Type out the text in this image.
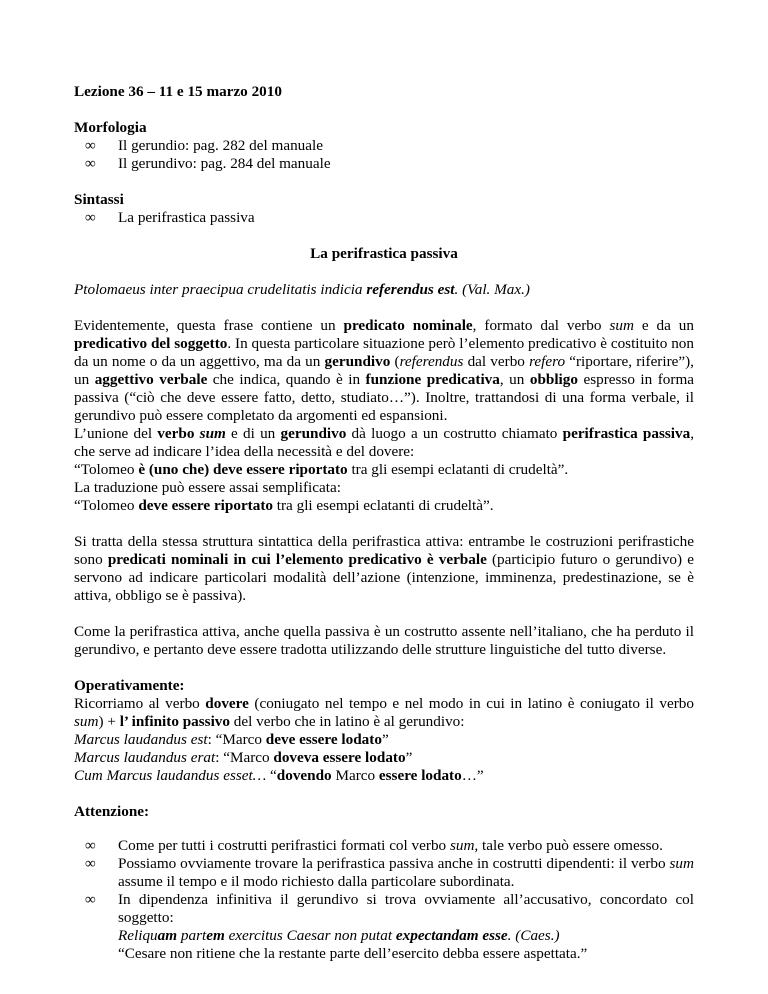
Lezione 36 – 11 e 15 marzo 2010
Morfologia
∞ Il gerundio: pag. 282 del manuale
∞ Il gerundivo: pag. 284 del manuale
Sintassi
∞ La perifrastica passiva
La perifrastica passiva
Ptolomaeus inter praecipua crudelitatis indicia referendus est. (Val. Max.)
Evidentemente, questa frase contiene un predicato nominale, formato dal verbo sum e da un predicativo del soggetto. In questa particolare situazione però l’elemento predicativo è costituito non da un nome o da un aggettivo, ma da un gerundivo (referendus dal verbo refero “riportare, riferire”), un aggettivo verbale che indica, quando è in funzione predicativa, un obbligo espresso in forma passiva (“ciò che deve essere fatto, detto, studiato…”). Inoltre, trattandosi di una forma verbale, il gerundivo può essere completato da argomenti ed espansioni.
L’unione del verbo sum e di un gerundivo dà luogo a un costrutto chiamato perifrastica passiva, che serve ad indicare l’idea della necessità e del dovere:
“Tolomeo è (uno che) deve essere riportato tra gli esempi eclatanti di crudeltà”.
La traduzione può essere assai semplificata:
“Tolomeo deve essere riportato tra gli esempi eclatanti di crudeltà”.
Si tratta della stessa struttura sintattica della perifrastica attiva: entrambe le costruzioni perifrastiche sono predicati nominali in cui l’elemento predicativo è verbale (participio futuro o gerundivo) e servono ad indicare particolari modalità dell’azione (intenzione, imminenza, predestinazione, se è attiva, obbligo se è passiva).
Come la perifrastica attiva, anche quella passiva è un costrutto assente nell’italiano, che ha perduto il gerundivo, e pertanto deve essere tradotta utilizzando delle strutture linguistiche del tutto diverse.
Operativamente:
Ricorriamo al verbo dovere (coniugato nel tempo e nel modo in cui in latino è coniugato il verbo sum) + l’ infinito passivo del verbo che in latino è al gerundivo:
Marcus laudandus est: “Marco deve essere lodato”
Marcus laudandus erat: “Marco doveva essere lodato”
Cum Marcus laudandus esset… “dovendo Marco essere lodato…”
Attenzione:
∞ Come per tutti i costrutti perifrastici formati col verbo sum, tale verbo può essere omesso.
∞ Possiamo ovviamente trovare la perifrastica passiva anche in costrutti dipendenti: il verbo sum assume il tempo e il modo richiesto dalla particolare subordinata.
∞ In dipendenza infinitiva il gerundivo si trova ovviamente all’accusativo, concordato col soggetto:
Reliquam partem exercitus Caesar non putat expectandam esse. (Caes.)
“Cesare non ritiene che la restante parte dell’esercito debba essere aspettata.”
